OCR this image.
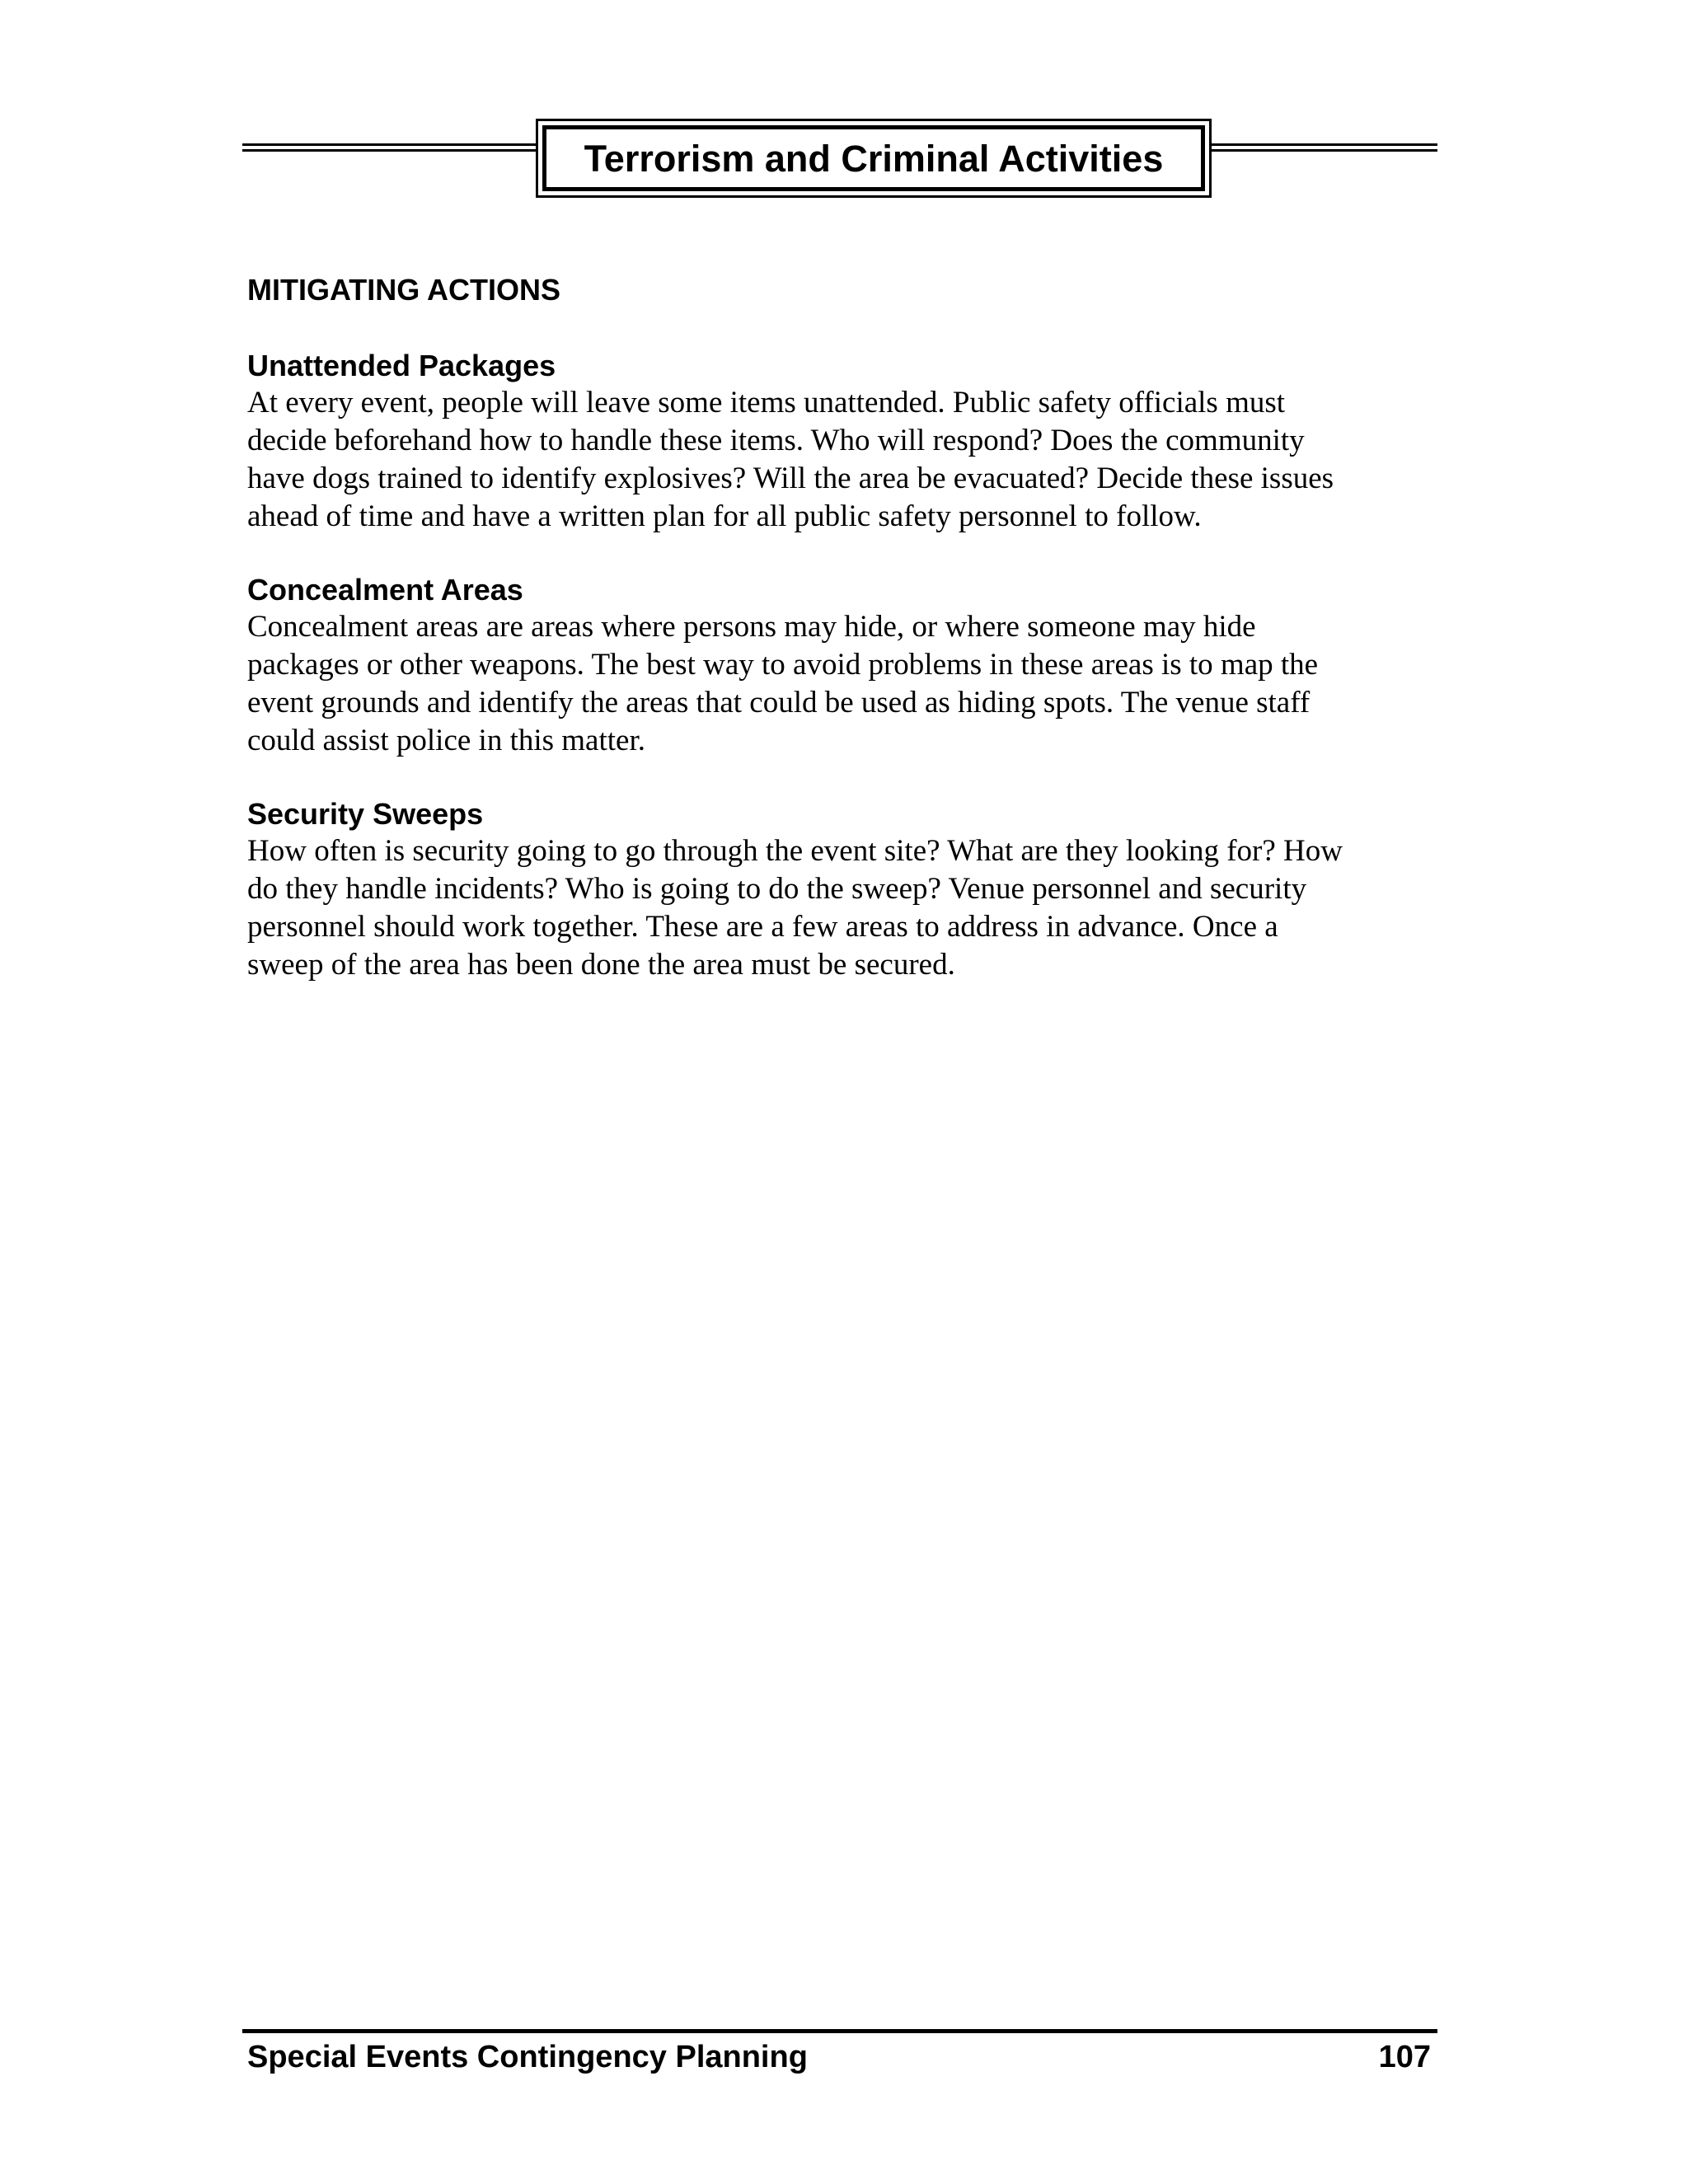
Terrorism and Criminal Activities
MITIGATING ACTIONS
Unattended Packages
At every event, people will leave some items unattended. Public safety officials must
decide beforehand how to handle these items. Who will respond? Does the community
have dogs trained to identify explosives? Will the area be evacuated? Decide these issues
ahead of time and have a written plan for all public safety personnel to follow.
Concealment Areas
Concealment areas are areas where persons may hide, or where someone may hide
packages or other weapons. The best way to avoid problems in these areas is to map the
event grounds and identify the areas that could be used as hiding spots. The venue staff
could assist police in this matter.
Security Sweeps
How often is security going to go through the event site? What are they looking for? How
do they handle incidents? Who is going to do the sweep? Venue personnel and security
personnel should work together. These are a few areas to address in advance. Once a
sweep of the area has been done the area must be secured.
Special Events Contingency Planning	107
